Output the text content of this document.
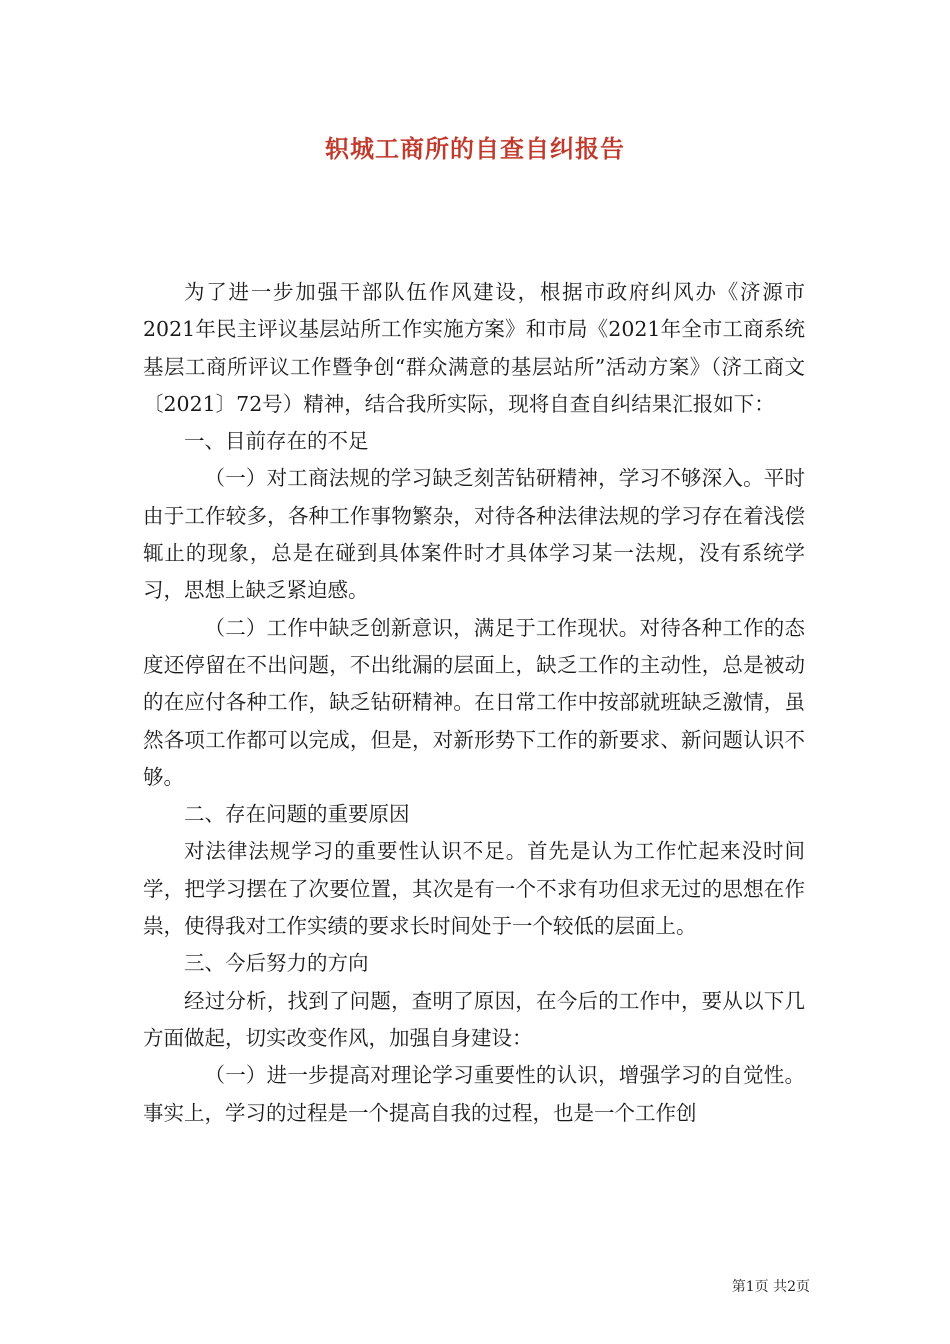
轵城工商所的自查自纠报告

为了进一步加强干部队伍作风建设，根据市政府纠风办《济源市2021年民主评议基层站所工作实施方案》和市局《2021年全市工商系统基层工商所评议工作暨争创“群众满意的基层站所”活动方案》（济工商文〔2021〕72号）精神，结合我所实际，现将自查自纠结果汇报如下：

一、目前存在的不足

（一）对工商法规的学习缺乏刻苦钻研精神，学习不够深入。平时由于工作较多，各种工作事物繁杂，对待各种法律法规的学习存在着浅偿辄止的现象，总是在碰到具体案件时才具体学习某一法规，没有系统学习，思想上缺乏紧迫感。

（二）工作中缺乏创新意识，满足于工作现状。对待各种工作的态度还停留在不出问题，不出纰漏的层面上，缺乏工作的主动性，总是被动的在应付各种工作，缺乏钻研精神。在日常工作中按部就班缺乏激情，虽然各项工作都可以完成，但是，对新形势下工作的新要求、新问题认识不够。

二、存在问题的重要原因

对法律法规学习的重要性认识不足。首先是认为工作忙起来没时间学，把学习摆在了次要位置，其次是有一个不求有功但求无过的思想在作祟，使得我对工作实绩的要求长时间处于一个较低的层面上。

三、今后努力的方向

经过分析，找到了问题，查明了原因，在今后的工作中，要从以下几方面做起，切实改变作风，加强自身建设：

（一）进一步提高对理论学习重要性的认识，增强学习的自觉性。事实上，学习的过程是一个提高自我的过程，也是一个工作创

第1页 共2页
